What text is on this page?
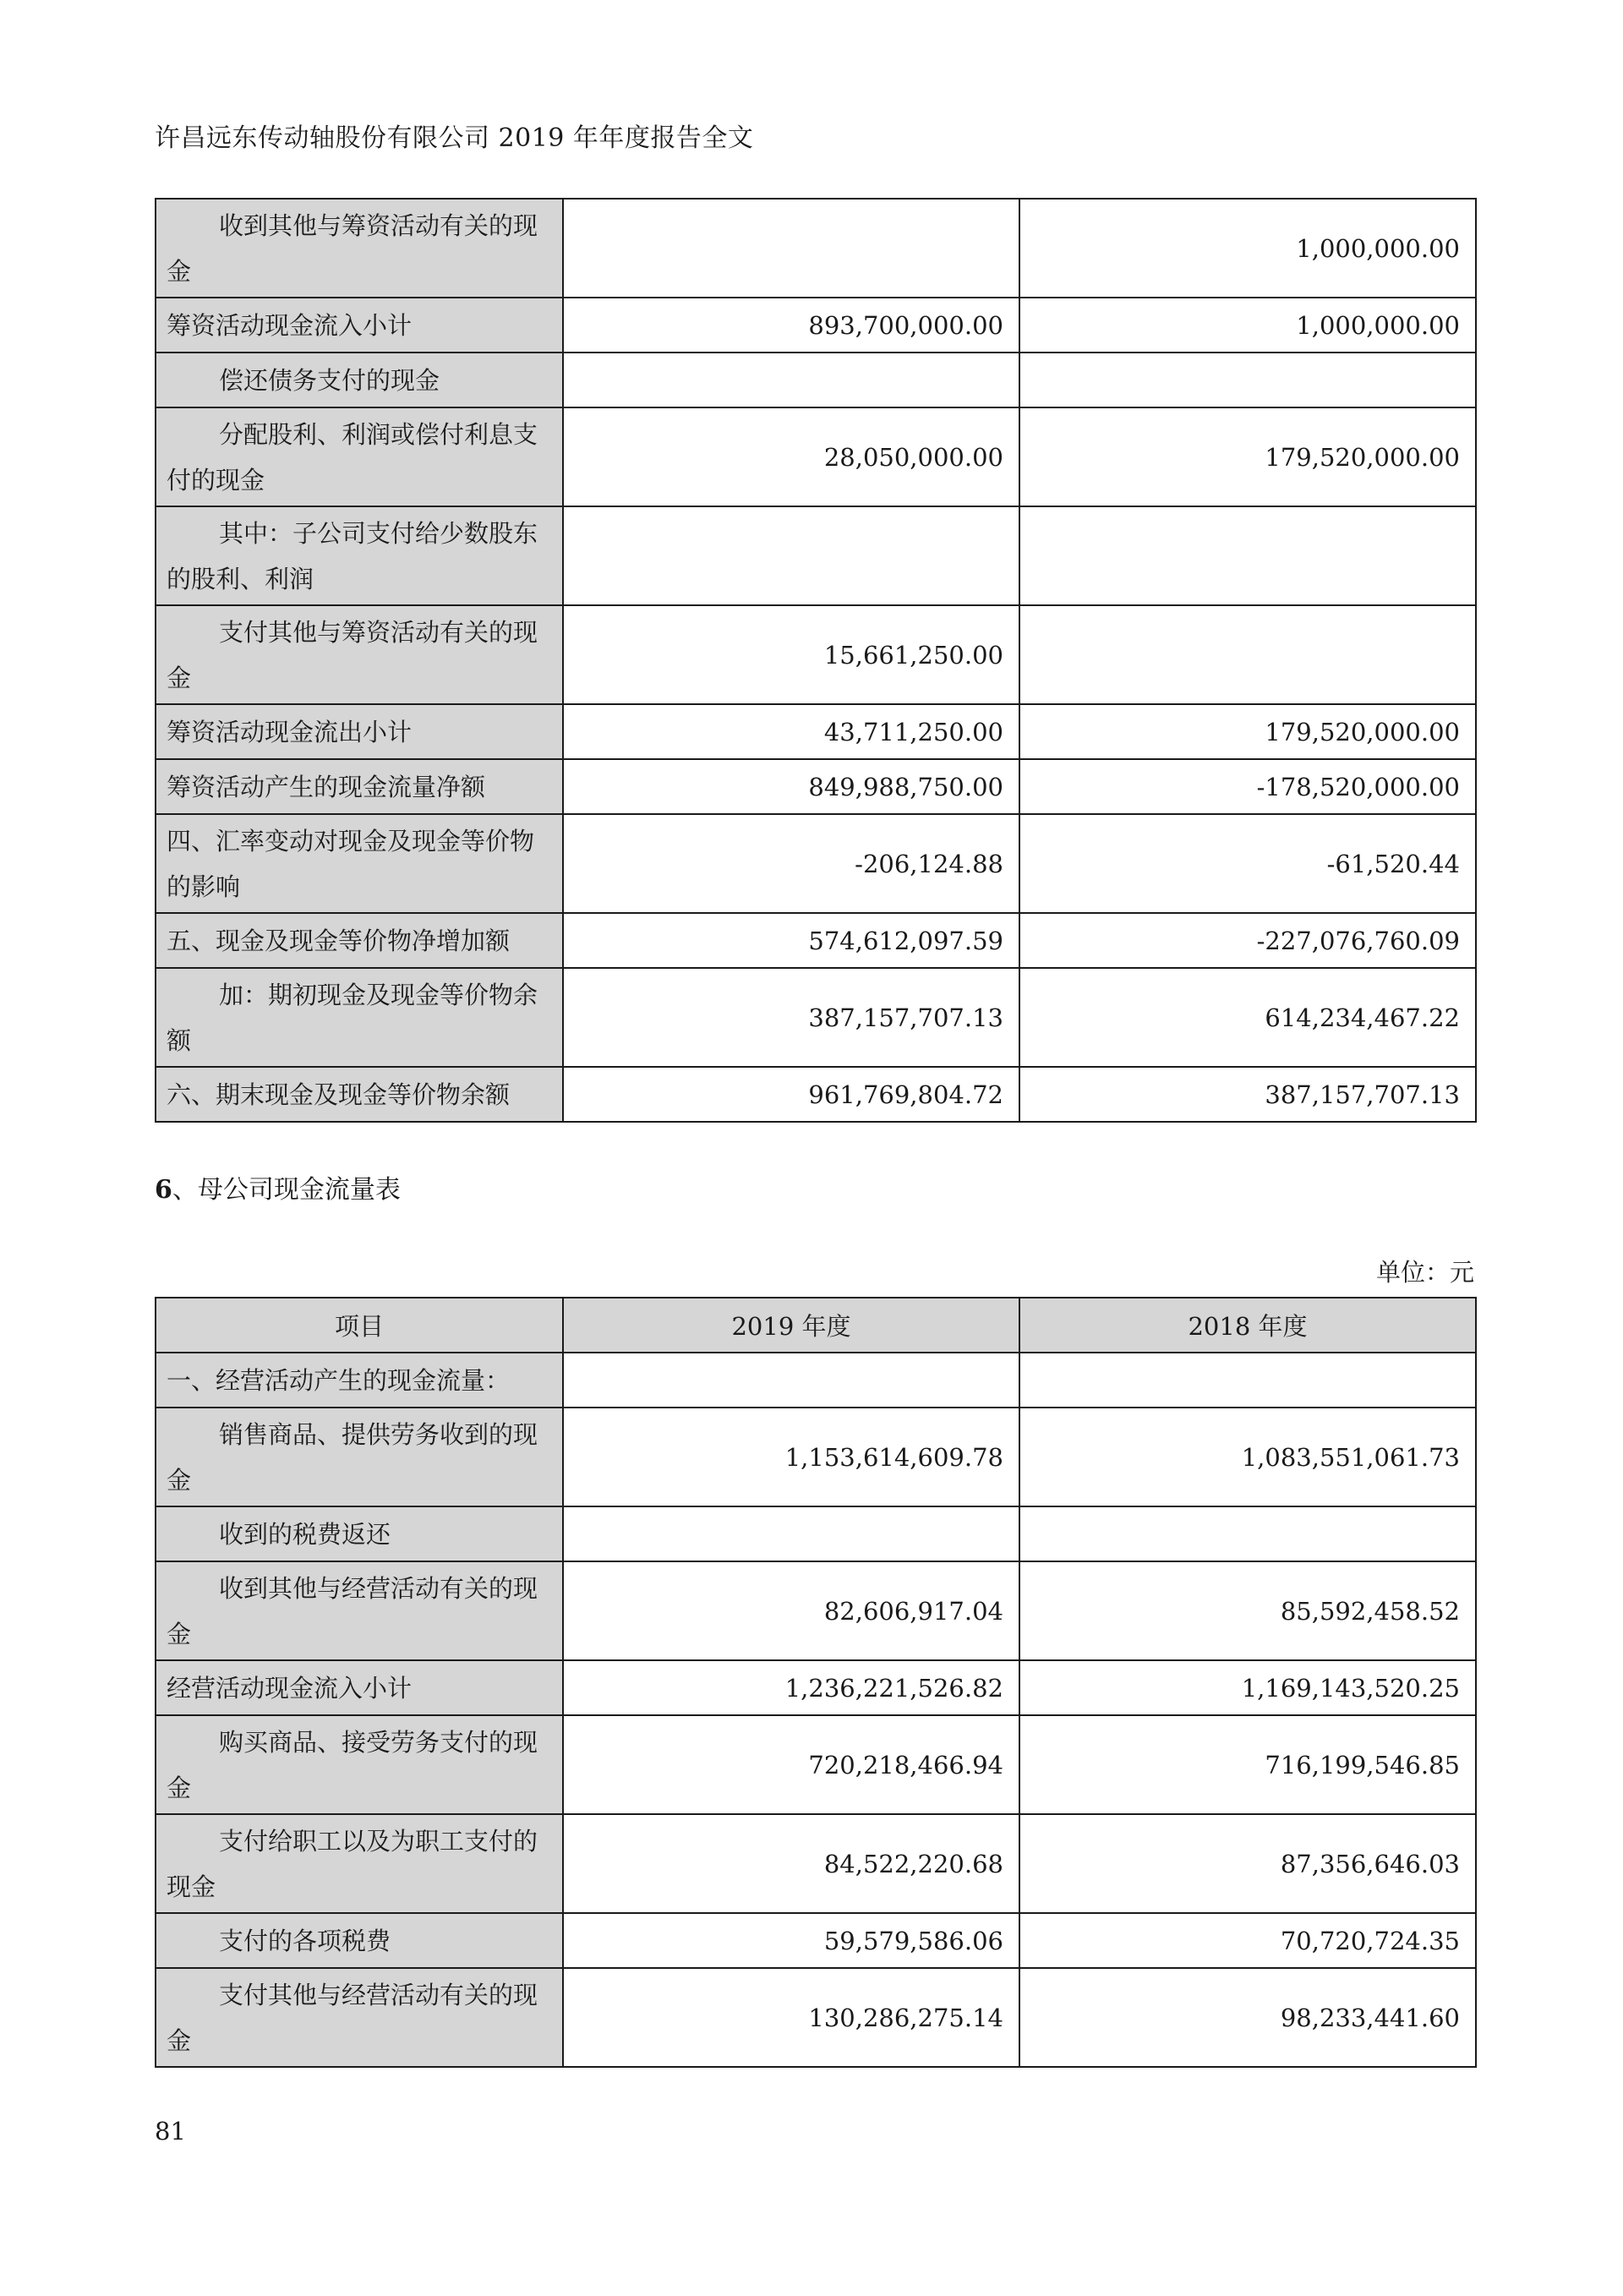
许昌远东传动轴股份有限公司 2019 年年度报告全文
收到其他与筹资活动有关的现金		1,000,000.00
筹资活动现金流入小计	893,700,000.00	1,000,000.00
偿还债务支付的现金		
分配股利、利润或偿付利息支付的现金	28,050,000.00	179,520,000.00
其中：子公司支付给少数股东的股利、利润		
支付其他与筹资活动有关的现金	15,661,250.00	
筹资活动现金流出小计	43,711,250.00	179,520,000.00
筹资活动产生的现金流量净额	849,988,750.00	-178,520,000.00
四、汇率变动对现金及现金等价物的影响	-206,124.88	-61,520.44
五、现金及现金等价物净增加额	574,612,097.59	-227,076,760.09
加：期初现金及现金等价物余额	387,157,707.13	614,234,467.22
六、期末现金及现金等价物余额	961,769,804.72	387,157,707.13
6、母公司现金流量表
单位：元
项目	2019 年度	2018 年度
一、经营活动产生的现金流量：		
销售商品、提供劳务收到的现金	1,153,614,609.78	1,083,551,061.73
收到的税费返还		
收到其他与经营活动有关的现金	82,606,917.04	85,592,458.52
经营活动现金流入小计	1,236,221,526.82	1,169,143,520.25
购买商品、接受劳务支付的现金	720,218,466.94	716,199,546.85
支付给职工以及为职工支付的现金	84,522,220.68	87,356,646.03
支付的各项税费	59,579,586.06	70,720,724.35
支付其他与经营活动有关的现金	130,286,275.14	98,233,441.60
81
